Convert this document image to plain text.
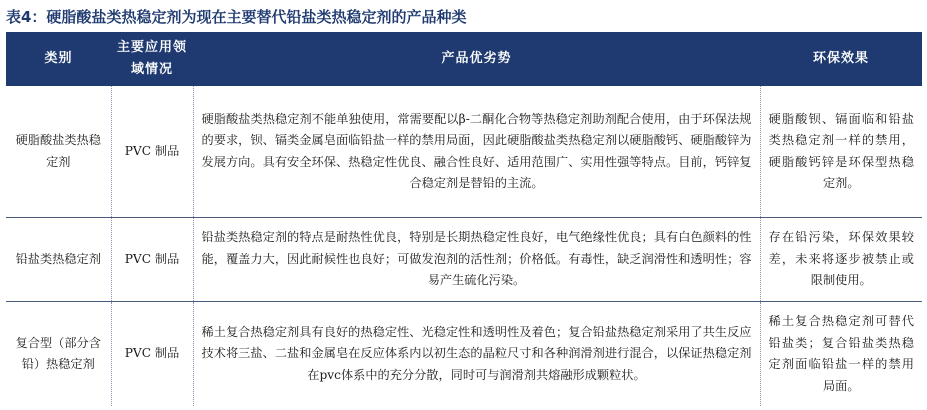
表4：硬脂酸盐类热稳定剂为现在主要替代铅盐类热稳定剂的产品种类
类别	主要应用领域情况	产品优劣势	环保效果
硬脂酸盐类热稳定剂	PVC 制品	硬脂酸盐类热稳定剂不能单独使用，常需要配以β-二酮化合物等热稳定剂助剂配合使用，由于环保法规的要求，钡、镉类金属皂面临铅盐一样的禁用局面，因此硬脂酸盐类热稳定剂以硬脂酸钙、硬脂酸锌为发展方向。具有安全环保、热稳定性优良、融合性良好、适用范围广、实用性强等特点。目前，钙锌复合稳定剂是替铅的主流。	硬脂酸钡、镉面临和铅盐类热稳定剂一样的禁用，硬脂酸钙锌是环保型热稳定剂。
铅盐类热稳定剂	PVC 制品	铅盐类热稳定剂的特点是耐热性优良，特别是长期热稳定性良好，电气绝缘性优良；具有白色颜料的性能，覆盖力大，因此耐候性也良好；可做发泡剂的活性剂；价格低。有毒性，缺乏润滑性和透明性；容易产生硫化污染。	存在铅污染，环保效果较差，未来将逐步被禁止或限制使用。
复合型（部分含铅）热稳定剂	PVC 制品	稀土复合热稳定剂具有良好的热稳定性、光稳定性和透明性及着色；复合铅盐热稳定剂采用了共生反应技术将三盐、二盐和金属皂在反应体系内以初生态的晶粒尺寸和各种润滑剂进行混合，以保证热稳定剂在pvc体系中的充分分散，同时可与润滑剂共熔融形成颗粒状。	稀土复合热稳定剂可替代铅盐类；复合铅盐类热稳定剂面临铅盐一样的禁用局面。
